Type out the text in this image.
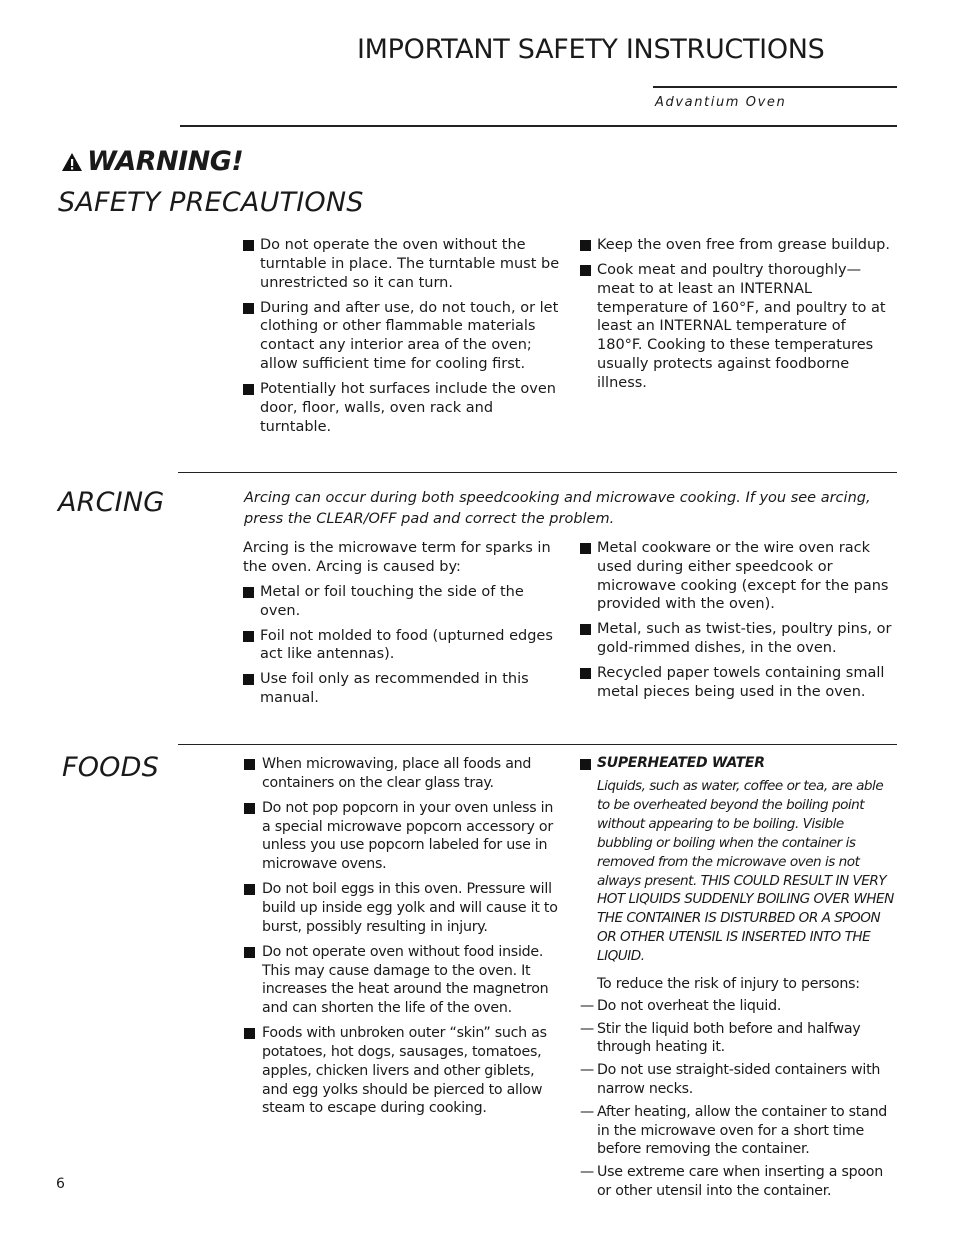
IMPORTANT SAFETY INSTRUCTIONS
Advantium Oven
WARNING!
SAFETY PRECAUTIONS
Do not operate the oven without the turntable in place. The turntable must be unrestricted so it can turn.
During and after use, do not touch, or let clothing or other flammable materials contact any interior area of the oven; allow sufficient time for cooling first.
Potentially hot surfaces include the oven door, floor, walls, oven rack and turntable.
Keep the oven free from grease buildup.
Cook meat and poultry thoroughly—meat to at least an INTERNAL temperature of 160°F, and poultry to at least an INTERNAL temperature of 180°F. Cooking to these temperatures usually protects against foodborne illness.
ARCING	Arcing can occur during both speedcooking and microwave cooking. If you see arcing, press the CLEAR/OFF pad and correct the problem.

Arcing is the microwave term for sparks in the oven. Arcing is caused by:

Metal or foil touching the side of the oven.
Foil not molded to food (upturned edges act like antennas).
Use foil only as recommended in this manual.
Metal cookware or the wire oven rack used during either speedcook or microwave cooking (except for the pans provided with the oven).
Metal, such as twist-ties, poultry pins, or gold-rimmed dishes, in the oven.
Recycled paper towels containing small metal pieces being used in the oven.
FOODS	When microwaving, place all foods and containers on the clear glass tray.
Do not pop popcorn in your oven unless in a special microwave popcorn accessory or unless you use popcorn labeled for use in microwave ovens.
Do not boil eggs in this oven. Pressure will build up inside egg yolk and will cause it to burst, possibly resulting in injury.
Do not operate oven without food inside. This may cause damage to the oven. It increases the heat around the magnetron and can shorten the life of the oven.
Foods with unbroken outer “skin” such as potatoes, hot dogs, sausages, tomatoes, apples, chicken livers and other giblets, and egg yolks should be pierced to allow steam to escape during cooking.
SUPERHEATED WATER
Liquids, such as water, coffee or tea, are able to be overheated beyond the boiling point without appearing to be boiling. Visible bubbling or boiling when the container is removed from the microwave oven is not always present. THIS COULD RESULT IN VERY HOT LIQUIDS SUDDENLY BOILING OVER WHEN THE CONTAINER IS DISTURBED OR A SPOON OR OTHER UTENSIL IS INSERTED INTO THE LIQUID.
To reduce the risk of injury to persons:
— Do not overheat the liquid.
— Stir the liquid both before and halfway through heating it.
— Do not use straight-sided containers with narrow necks.
— After heating, allow the container to stand in the microwave oven for a short time before removing the container.
— Use extreme care when inserting a spoon or other utensil into the container.
6
